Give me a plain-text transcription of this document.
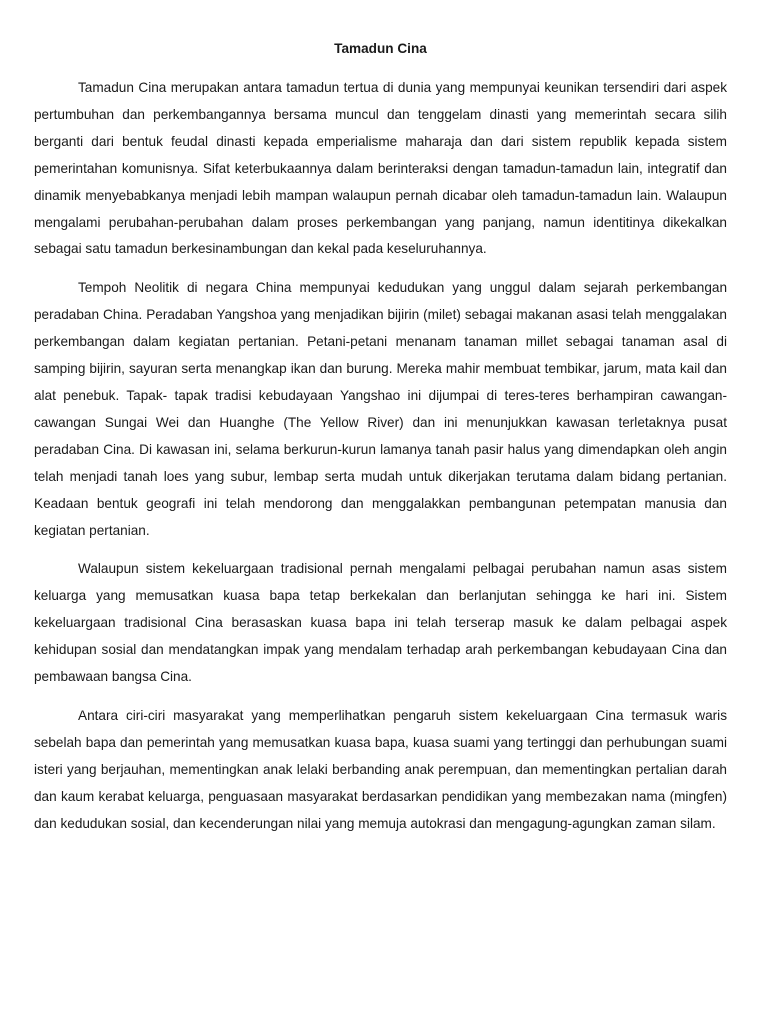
Tamadun Cina

Tamadun Cina merupakan antara tamadun tertua di dunia yang mempunyai keunikan tersendiri dari aspek pertumbuhan dan perkembangannya bersama muncul dan tenggelam dinasti yang memerintah secara silih berganti dari bentuk feudal dinasti kepada emperialisme maharaja dan dari sistem republik kepada sistem pemerintahan komunisnya. Sifat keterbukaannya dalam berinteraksi dengan tamadun-tamadun lain, integratif dan dinamik menyebabkanya menjadi lebih mampan walaupun pernah dicabar oleh tamadun-tamadun lain. Walaupun mengalami perubahan-perubahan dalam proses perkembangan yang panjang, namun identitinya dikekalkan sebagai satu tamadun berkesinambungan dan kekal pada keseluruhannya.

Tempoh Neolitik di negara China mempunyai kedudukan yang unggul dalam sejarah perkembangan peradaban China. Peradaban Yangshoa yang menjadikan bijirin (milet) sebagai makanan asasi telah menggalakan perkembangan dalam kegiatan pertanian. Petani-petani menanam tanaman millet sebagai tanaman asal di samping bijirin, sayuran serta menangkap ikan dan burung. Mereka mahir membuat tembikar, jarum, mata kail dan alat penebuk. Tapak- tapak tradisi kebudayaan Yangshao ini dijumpai di teres-teres berhampiran cawangan-cawangan Sungai Wei dan Huanghe (The Yellow River) dan ini menunjukkan kawasan terletaknya pusat peradaban Cina. Di kawasan ini, selama berkurun-kurun lamanya tanah pasir halus yang dimendapkan oleh angin telah menjadi tanah loes yang subur, lembap serta mudah untuk dikerjakan terutama dalam bidang pertanian. Keadaan bentuk geografi ini telah mendorong dan menggalakkan pembangunan petempatan manusia dan kegiatan pertanian.

Walaupun sistem kekeluargaan tradisional pernah mengalami pelbagai perubahan namun asas sistem keluarga yang memusatkan kuasa bapa tetap berkekalan dan berlanjutan sehingga ke hari ini. Sistem kekeluargaan tradisional Cina berasaskan kuasa bapa ini telah terserap masuk ke dalam pelbagai aspek kehidupan sosial dan mendatangkan impak yang mendalam terhadap arah perkembangan kebudayaan Cina dan pembawaan bangsa Cina.

Antara ciri-ciri masyarakat yang memperlihatkan pengaruh sistem kekeluargaan Cina termasuk waris sebelah bapa dan pemerintah yang memusatkan kuasa bapa, kuasa suami yang tertinggi dan perhubungan suami isteri yang berjauhan, mementingkan anak lelaki berbanding anak perempuan, dan mementingkan pertalian darah dan kaum kerabat keluarga, penguasaan masyarakat berdasarkan pendidikan yang membezakan nama (mingfen) dan kedudukan sosial, dan kecenderungan nilai yang memuja autokrasi dan mengagung-agungkan zaman silam.
